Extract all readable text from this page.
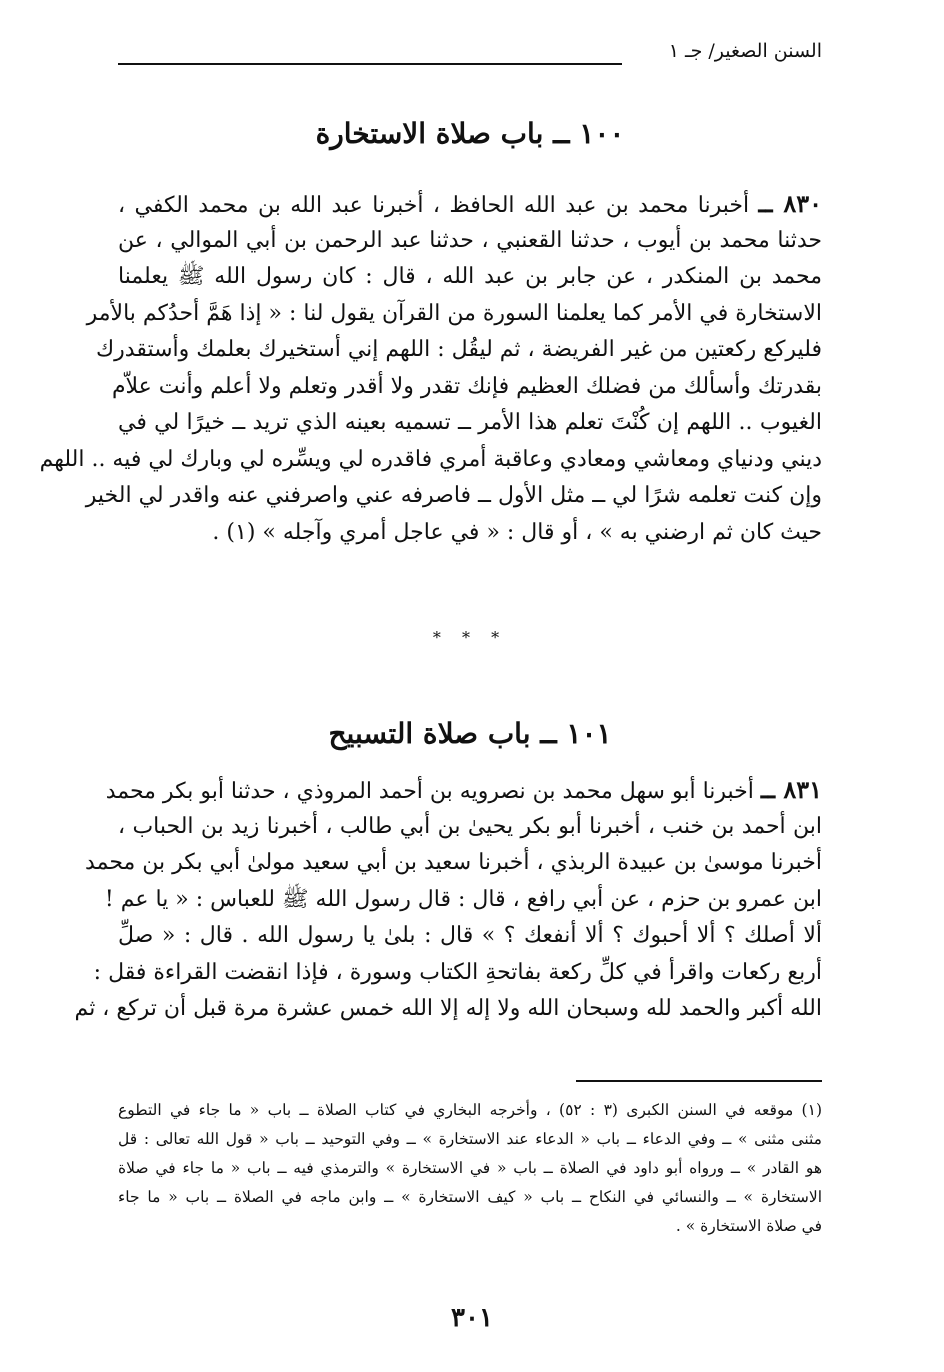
السنن الصغير/ جـ ١
١٠٠ ــ باب صلاة الاستخارة
٨٣٠ ــ أخبرنا محمد بن عبد الله الحافظ ، أخبرنا عبد الله بن محمد الكفي ،
حدثنا محمد بن أيوب ، حدثنا القعنبي ، حدثنا عبد الرحمن بن أبي الموالي ، عن
محمد بن المنكدر ، عن جابر بن عبد الله ، قال : كان رسول الله ﷺ يعلمنا
الاستخارة في الأمر كما يعلمنا السورة من القرآن يقول لنا : « إذا هَمَّ أحدُكم بالأمر
فليركع ركعتين من غير الفريضة ، ثم ليقُل : اللهم إني أستخيرك بعلمك وأستقدرك
بقدرتك وأسألك من فضلك العظيم فإنك تقدر ولا أقدر وتعلم ولا أعلم وأنت علاّم
الغيوب .. اللهم إن كُنْتَ تعلم هذا الأمر ــ تسميه بعينه الذي تريد ــ خيرًا لي في
ديني ودنياي ومعاشي ومعادي وعاقبة أمري فاقدره لي ويسِّره لي وبارك لي فيه .. اللهم
وإن كنت تعلمه شرًا لي ــ مثل الأول ــ فاصرفه عني واصرفني عنه واقدر لي الخير
حيث كان ثم ارضني به » ، أو قال : « في عاجل أمري وآجله » (١) .
* * *
١٠١ ــ باب صلاة التسبيح
٨٣١ ــ أخبرنا أبو سهل محمد بن نصرويه بن أحمد المروذي ، حدثنا أبو بكر محمد
ابن أحمد بن خنب ، أخبرنا أبو بكر يحيىٰ بن أبي طالب ، أخبرنا زيد بن الحباب ،
أخبرنا موسىٰ بن عبيدة الربذي ، أخبرنا سعيد بن أبي سعيد مولىٰ أبي بكر بن محمد
ابن عمرو بن حزم ، عن أبي رافع ، قال : قال رسول الله ﷺ للعباس : « يا عم !
ألا أصلك ؟ ألا أحبوك ؟ ألا أنفعك ؟ » قال : بلىٰ يا رسول الله . قال : « صلِّ
أربع ركعات واقرأ في كلِّ ركعة بفاتحةِ الكتاب وسورة ، فإذا انقضت القراءة فقل :
الله أكبر والحمد لله وسبحان الله ولا إله إلا الله خمس عشرة مرة قبل أن تركع ، ثم
(١) موقعه في السنن الكبرى (٣ : ٥٢) ، وأخرجه البخاري في كتاب الصلاة ــ باب « ما جاء في التطوع
مثنى مثنى » ــ وفي الدعاء ــ باب « الدعاء عند الاستخارة » ــ وفي التوحيد ــ باب « قول الله تعالى : قل
هو القادر » ــ ورواه أبو داود في الصلاة ــ باب « في الاستخارة » والترمذي فيه ــ باب « ما جاء في صلاة
الاستخارة » ــ والنسائي في النكاح ــ باب « كيف الاستخارة » ــ وابن ماجه في الصلاة ــ باب « ما جاء
في صلاة الاستخارة » .
٣٠١
